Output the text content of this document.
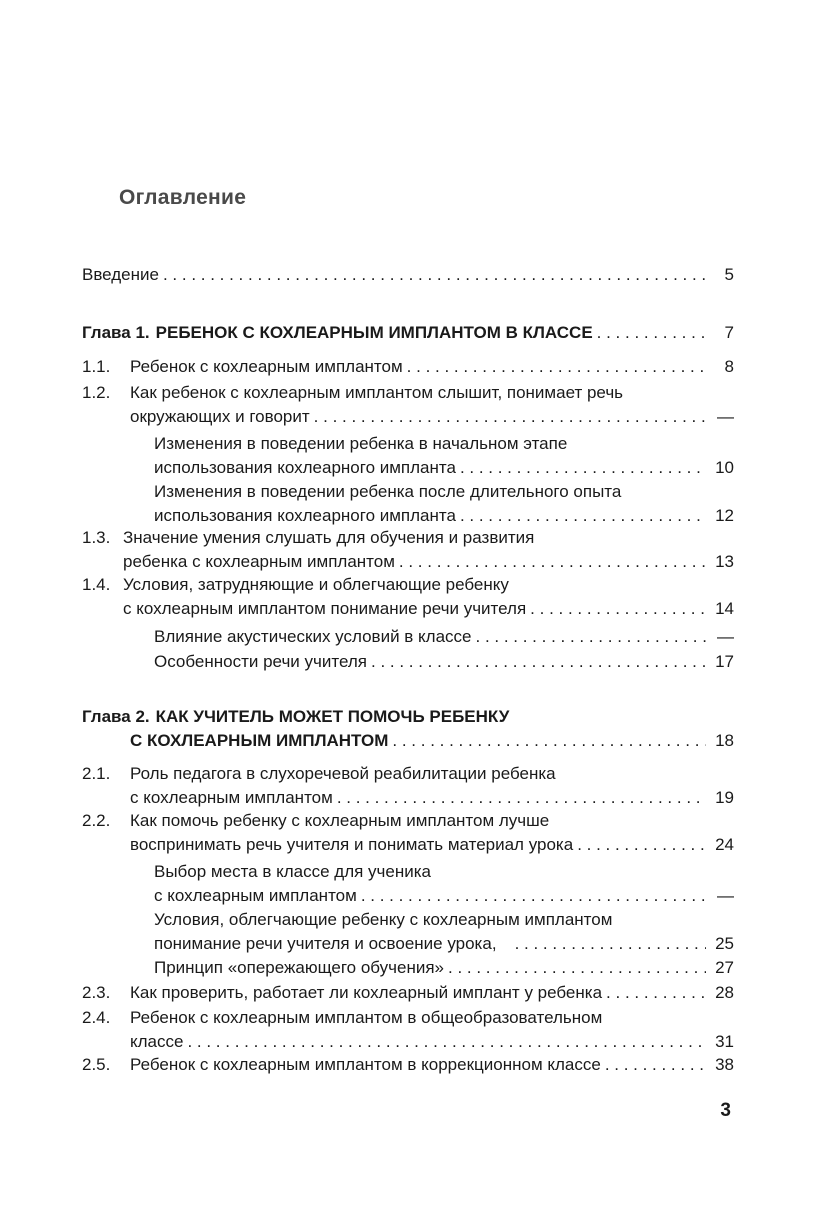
Оглавление
Введение . . .	5
Глава 1. РЕБЕНОК С КОХЛЕАРНЫМ ИМПЛАНТОМ В КЛАССЕ . . .	7
1.1.	Ребенок с кохлеарным имплантом . . .	8
1.2.	Как ребенок с кохлеарным имплантом слышит, понимает речь
окружающих и говорит . . .	—
Изменения в поведении ребенка в начальном этапе
использования кохлеарного импланта . . .	10
Изменения в поведении ребенка после длительного опыта
использования кохлеарного импланта . . .	12
1.3. Значение умения слушать для обучения и развития
ребенка с кохлеарным имплантом . . .	13
1.4. Условия, затрудняющие и облегчающие ребенку
с кохлеарным имплантом понимание речи учителя . . .	14
Влияние акустических условий в классе . . .	—
Особенности речи учителя . . .	17
Глава 2. КАК УЧИТЕЛЬ МОЖЕТ ПОМОЧЬ РЕБЕНКУ
С КОХЛЕАРНЫМ ИМПЛАНТОМ . . .	18
2.1.	Роль педагога в слухоречевой реабилитации ребенка
с кохлеарным имплантом . . .	19
2.2.	Как помочь ребенку с кохлеарным имплантом лучше
воспринимать речь учителя и понимать материал урока . . .	24
Выбор места в классе для ученика
с кохлеарным имплантом . . .	—
Условия, облегчающие ребенку с кохлеарным имплантом
понимание речи учителя и освоение урока, . . .	25
Принцип «опережающего обучения» . . .	27
2.3.	Как проверить, работает ли кохлеарный имплант у ребенка . . .	28
2.4.	Ребенок с кохлеарным имплантом в общеобразовательном
классе . . .	31
2.5.	Ребенок с кохлеарным имплантом в коррекционном классе . . .	38
3
